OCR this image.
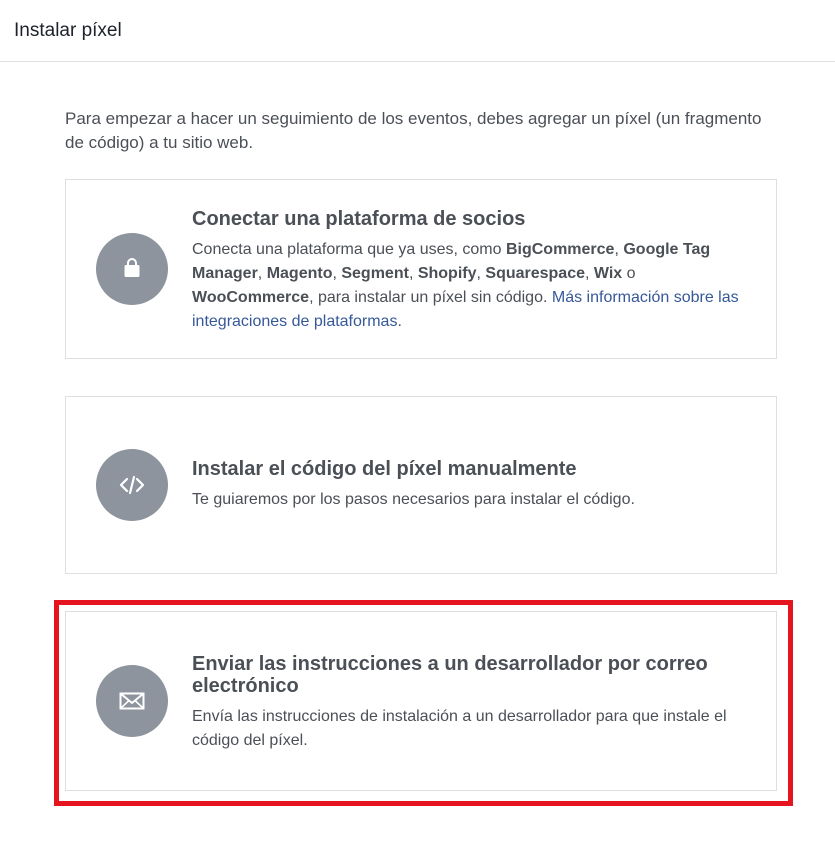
Instalar píxel
Para empezar a hacer un seguimiento de los eventos, debes agregar un píxel (un fragmento de código) a tu sitio web.
Conectar una plataforma de socios
Conecta una plataforma que ya uses, como BigCommerce, Google Tag Manager, Magento, Segment, Shopify, Squarespace, Wix o WooCommerce, para instalar un píxel sin código. Más información sobre las integraciones de plataformas.
Instalar el código del píxel manualmente
Te guiaremos por los pasos necesarios para instalar el código.
Enviar las instrucciones a un desarrollador por correo electrónico
Envía las instrucciones de instalación a un desarrollador para que instale el código del píxel.
